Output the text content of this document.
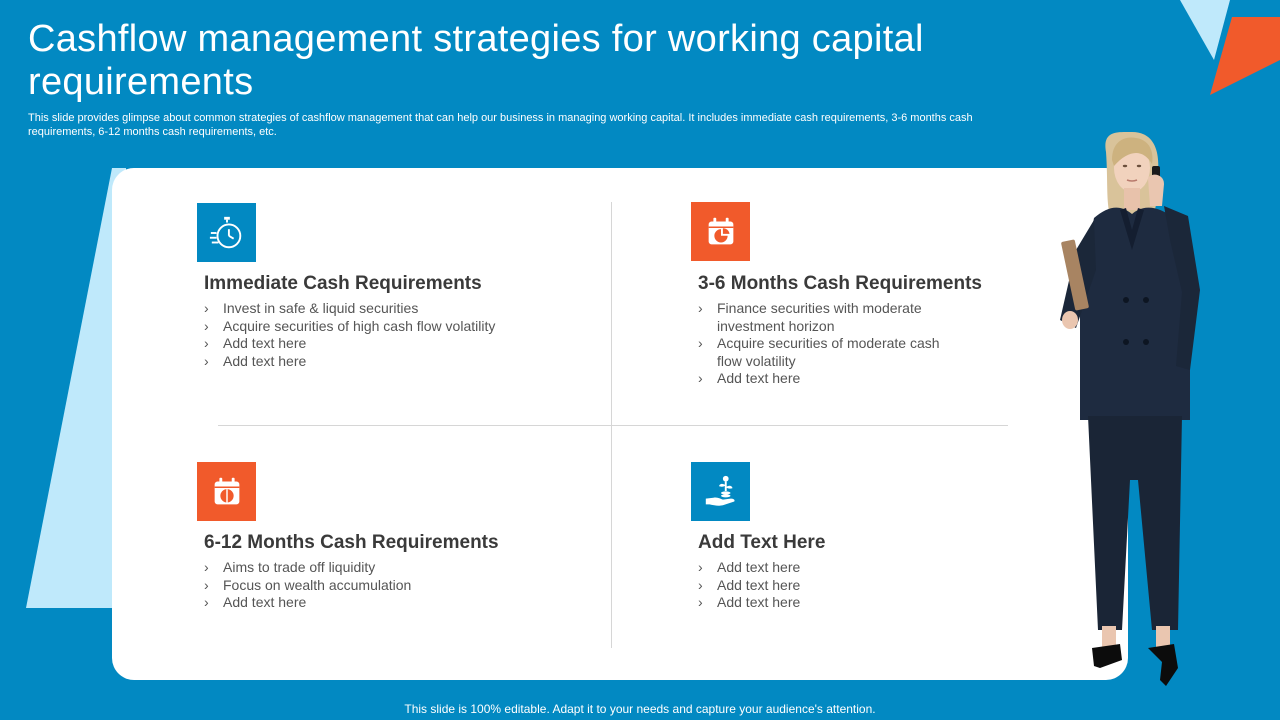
Cashflow management strategies for working capital requirements

This slide provides glimpse about common strategies of cashflow management that can help our business in managing working capital. It includes immediate cash requirements, 3-6 months cash requirements, 6-12 months cash requirements, etc.

Immediate Cash Requirements
› Invest in safe & liquid securities
› Acquire securities of high cash flow volatility
› Add text here
› Add text here
3-6 Months Cash Requirements
› Finance securities with moderate investment horizon
› Acquire securities of moderate cash flow volatility
› Add text here
6-12 Months Cash Requirements
› Aims to trade off liquidity
› Focus on wealth accumulation
› Add text here
Add Text Here
› Add text here
› Add text here
› Add text here

This slide is 100% editable. Adapt it to your needs and capture your audience's attention.
